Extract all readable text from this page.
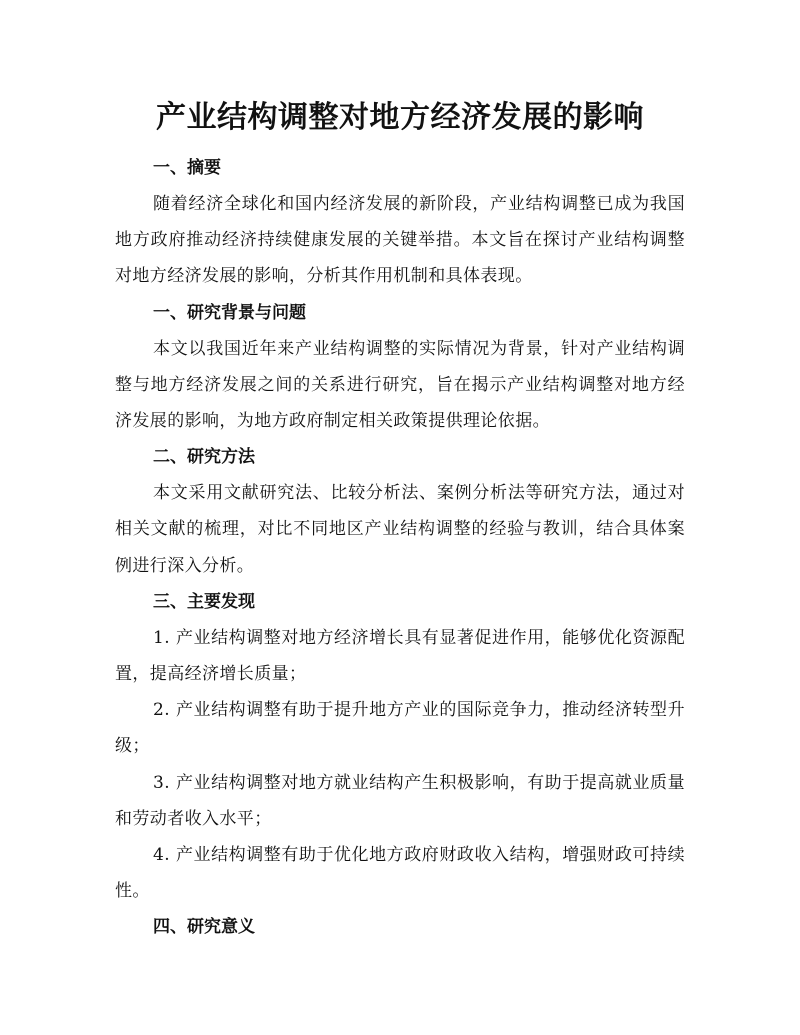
产业结构调整对地方经济发展的影响
一、摘要

随着经济全球化和国内经济发展的新阶段，产业结构调整已成为我国地方政府推动经济持续健康发展的关键举措。本文旨在探讨产业结构调整对地方经济发展的影响，分析其作用机制和具体表现。

一、研究背景与问题

本文以我国近年来产业结构调整的实际情况为背景，针对产业结构调整与地方经济发展之间的关系进行研究，旨在揭示产业结构调整对地方经济发展的影响，为地方政府制定相关政策提供理论依据。

二、研究方法

本文采用文献研究法、比较分析法、案例分析法等研究方法，通过对相关文献的梳理，对比不同地区产业结构调整的经验与教训，结合具体案例进行深入分析。

三、主要发现

1. 产业结构调整对地方经济增长具有显著促进作用，能够优化资源配置，提高经济增长质量；

2. 产业结构调整有助于提升地方产业的国际竞争力，推动经济转型升级；

3. 产业结构调整对地方就业结构产生积极影响，有助于提高就业质量和劳动者收入水平；

4. 产业结构调整有助于优化地方政府财政收入结构，增强财政可持续性。

四、研究意义
